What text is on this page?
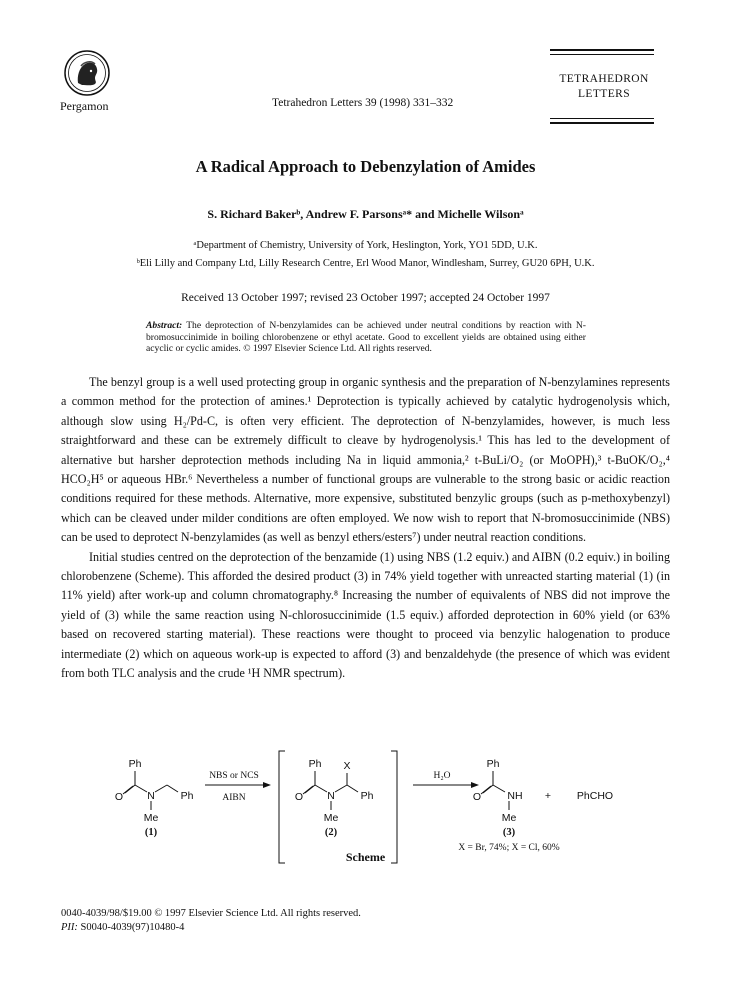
Pergamon	Tetrahedron Letters 39 (1998) 331–332
TETRAHEDRON
LETTERS
A Radical Approach to Debenzylation of Amides
S. Richard Bakerᵇ, Andrew F. Parsonsᵃ* and Michelle Wilsonᵃ
ᵃDepartment of Chemistry, University of York, Heslington, York, YO1 5DD, U.K.
ᵇEli Lilly and Company Ltd, Lilly Research Centre, Erl Wood Manor, Windlesham, Surrey, GU20 6PH, U.K.
Received 13 October 1997; revised 23 October 1997; accepted 24 October 1997
Abstract: The deprotection of N-benzylamides can be achieved under neutral conditions by reaction with N-bromosuccinimide in boiling chlorobenzene or ethyl acetate. Good to excellent yields are obtained using either acyclic or cyclic amides. © 1997 Elsevier Science Ltd. All rights reserved.

The benzyl group is a well used protecting group in organic synthesis and the preparation of N-benzylamines represents a common method for the protection of amines.¹ Deprotection is typically achieved by catalytic hydrogenolysis which, although slow using H₂/Pd-C, is often very efficient. The deprotection of N-benzylamides, however, is much less straightforward and these can be extremely difficult to cleave by hydrogenolysis.¹ This has led to the development of alternative but harsher deprotection methods including Na in liquid ammonia,² t-BuLi/O₂ (or MoOPH),³ t-BuOK/O₂,⁴ HCO₂H⁵ or aqueous HBr.⁶ Nevertheless a number of functional groups are vulnerable to the strong basic or acidic reaction conditions required for these methods. Alternative, more expensive, substituted benzylic groups (such as p-methoxybenzyl) which can be cleaved under milder conditions are often employed. We now wish to report that N-bromosuccinimide (NBS) can be used to deprotect N-benzylamides (as well as benzyl ethers/esters⁷) under neutral reaction conditions.

Initial studies centred on the deprotection of the benzamide (1) using NBS (1.2 equiv.) and AIBN (0.2 equiv.) in boiling chlorobenzene (Scheme). This afforded the desired product (3) in 74% yield together with unreacted starting material (1) (in 11% yield) after work-up and column chromatography.⁸ Increasing the number of equivalents of NBS did not improve the yield of (3) while the same reaction using N-chlorosuccinimide (1.5 equiv.) afforded deprotection in 60% yield (or 63% based on recovered starting material). These reactions were thought to proceed via benzylic halogenation to produce intermediate (2) which on aqueous work-up is expected to afford (3) and benzaldehyde (the presence of which was evident from both TLC analysis and the crude ¹H NMR spectrum).

Ph
O N Ph
Me
Ph X
O N Ph
Me
Ph
O	NH
Me
+ PhCHO
NBS or NCS
AIBN
H₂O
(1)	(2)	(3)
X = Br, 74%; X = Cl, 60%
Scheme
0040-4039/98/$19.00 © 1997 Elsevier Science Ltd. All rights reserved.
PII: S0040-4039(97)10480-4
